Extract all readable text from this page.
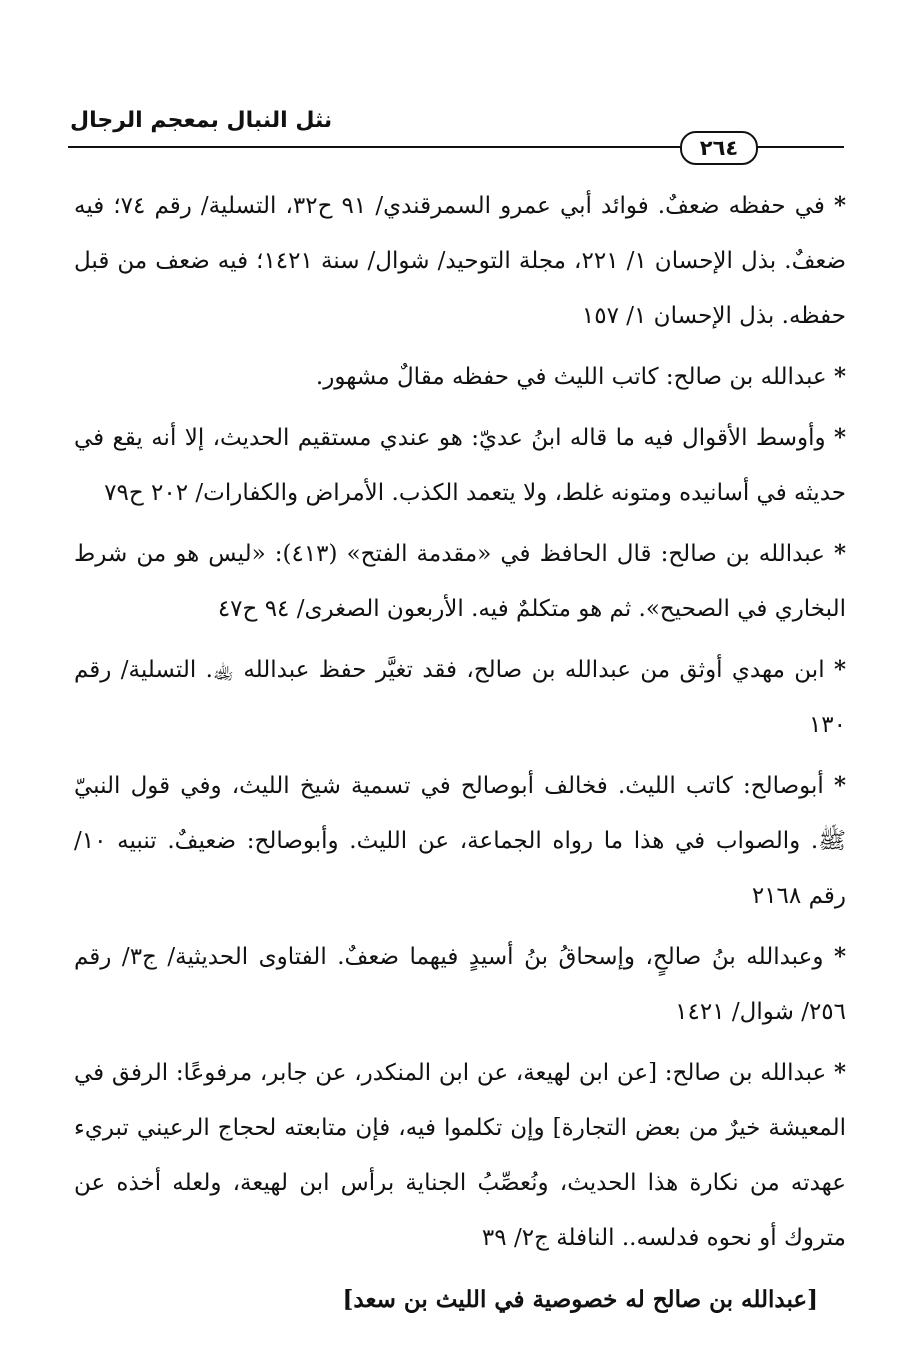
نثل النبال بمعجم الرجال
٢٦٤

* في حفظه ضعفٌ. فوائد أبي عمرو السمرقندي/ ٩١ ح٣٢، التسلية/ رقم ٧٤؛ فيه ضعفٌ. بذل الإحسان ١/ ٢٢١، مجلة التوحيد/ شوال/ سنة ١٤٢١؛ فيه ضعف من قبل حفظه. بذل الإحسان ١/ ١٥٧

* عبدالله بن صالح: كاتب الليث في حفظه مقالٌ مشهور.

* وأوسط الأقوال فيه ما قاله ابنُ عديّ: هو عندي مستقيم الحديث، إلا أنه يقع في حديثه في أسانيده ومتونه غلط، ولا يتعمد الكذب. الأمراض والكفارات/ ٢٠٢ ح٧٩

* عبدالله بن صالح: قال الحافظ في «مقدمة الفتح» (٤١٣): «ليس هو من شرط البخاري في الصحيح». ثم هو متكلمٌ فيه. الأربعون الصغرى/ ٩٤ ح٤٧

* ابن مهدي أوثق من عبدالله بن صالح، فقد تغيَّر حفظ عبدالله ﵀. التسلية/ رقم ١٣٠

* أبوصالح: كاتب الليث. فخالف أبوصالح في تسمية شيخ الليث، وفي قول النبيّ ﷺ. والصواب في هذا ما رواه الجماعة، عن الليث. وأبوصالح: ضعيفٌ. تنبيه ١٠/ رقم ٢١٦٨

* وعبدالله بنُ صالحٍ، وإسحاقُ بنُ أسيدٍ فيهما ضعفٌ. الفتاوى الحديثية/ ج٣/ رقم ٢٥٦/ شوال/ ١٤٢١

* عبدالله بن صالح: [عن ابن لهيعة، عن ابن المنكدر، عن جابر، مرفوعًا: الرفق في المعيشة خيرٌ من بعض التجارة] وإن تكلموا فيه، فإن متابعته لحجاج الرعيني تبريء عهدته من نكارة هذا الحديث، ونُعصِّبُ الجناية برأس ابن لهيعة، ولعله أخذه عن متروك أو نحوه فدلسه.. النافلة ج٢/ ٣٩

[عبدالله بن صالح له خصوصية في الليث بن سعد]
